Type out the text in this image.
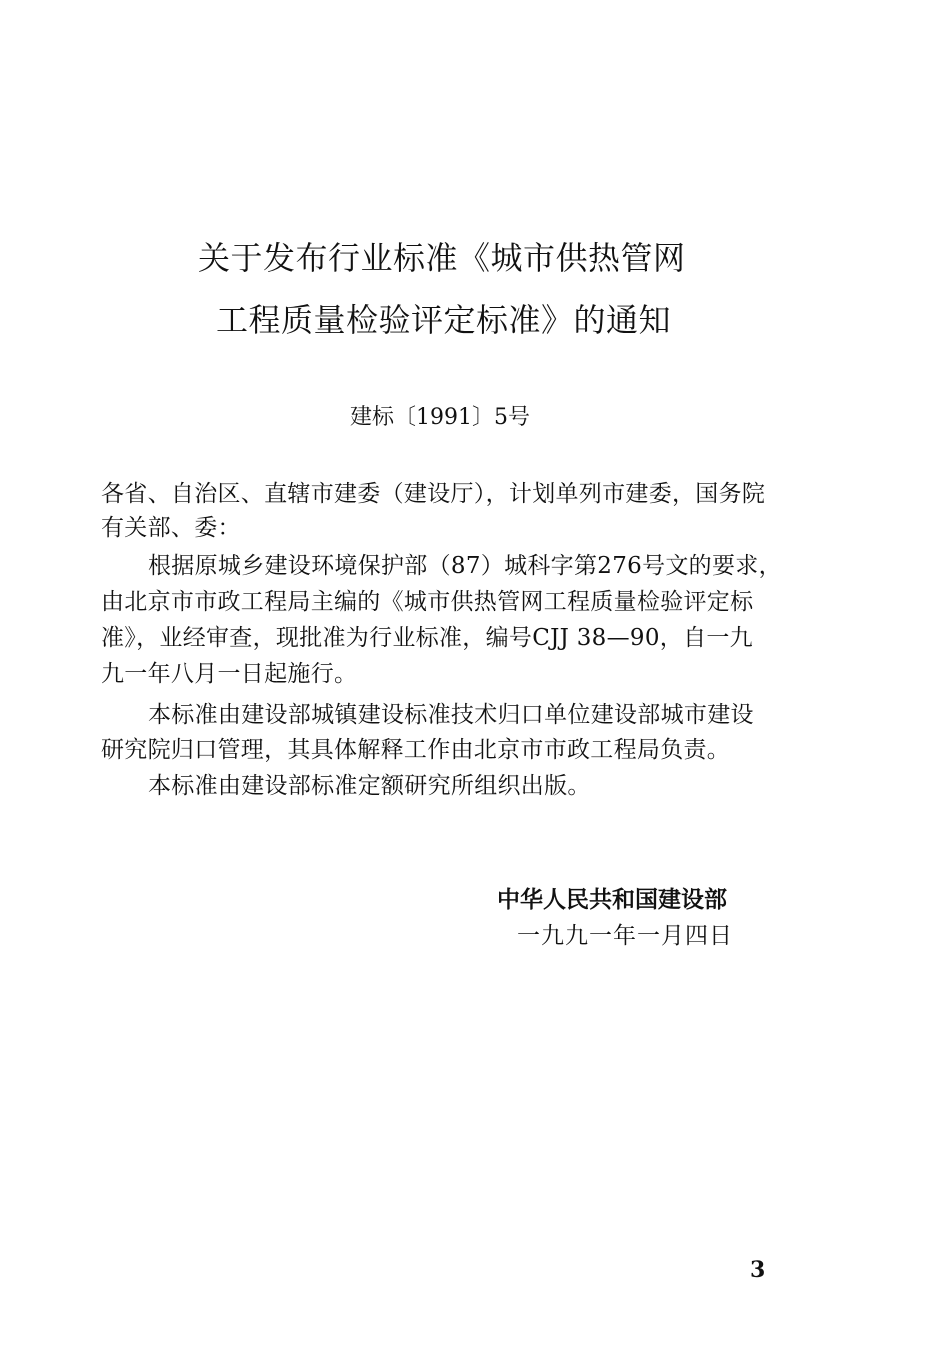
关于发布行业标准《城市供热管网
工程质量检验评定标准》的通知
建标〔1991〕5号
各省、自治区、直辖市建委（建设厅），计划单列市建委，国务院
有关部、委：
根据原城乡建设环境保护部（87）城科字第276号文的要求，
由北京市市政工程局主编的《城市供热管网工程质量检验评定标
准》，业经审查，现批准为行业标准，编号CJJ 38—90，自一九
九一年八月一日起施行。
本标准由建设部城镇建设标准技术归口单位建设部城市建设
研究院归口管理，其具体解释工作由北京市市政工程局负责。
本标准由建设部标准定额研究所组织出版。
中华人民共和国建设部
一九九一年一月四日
3
